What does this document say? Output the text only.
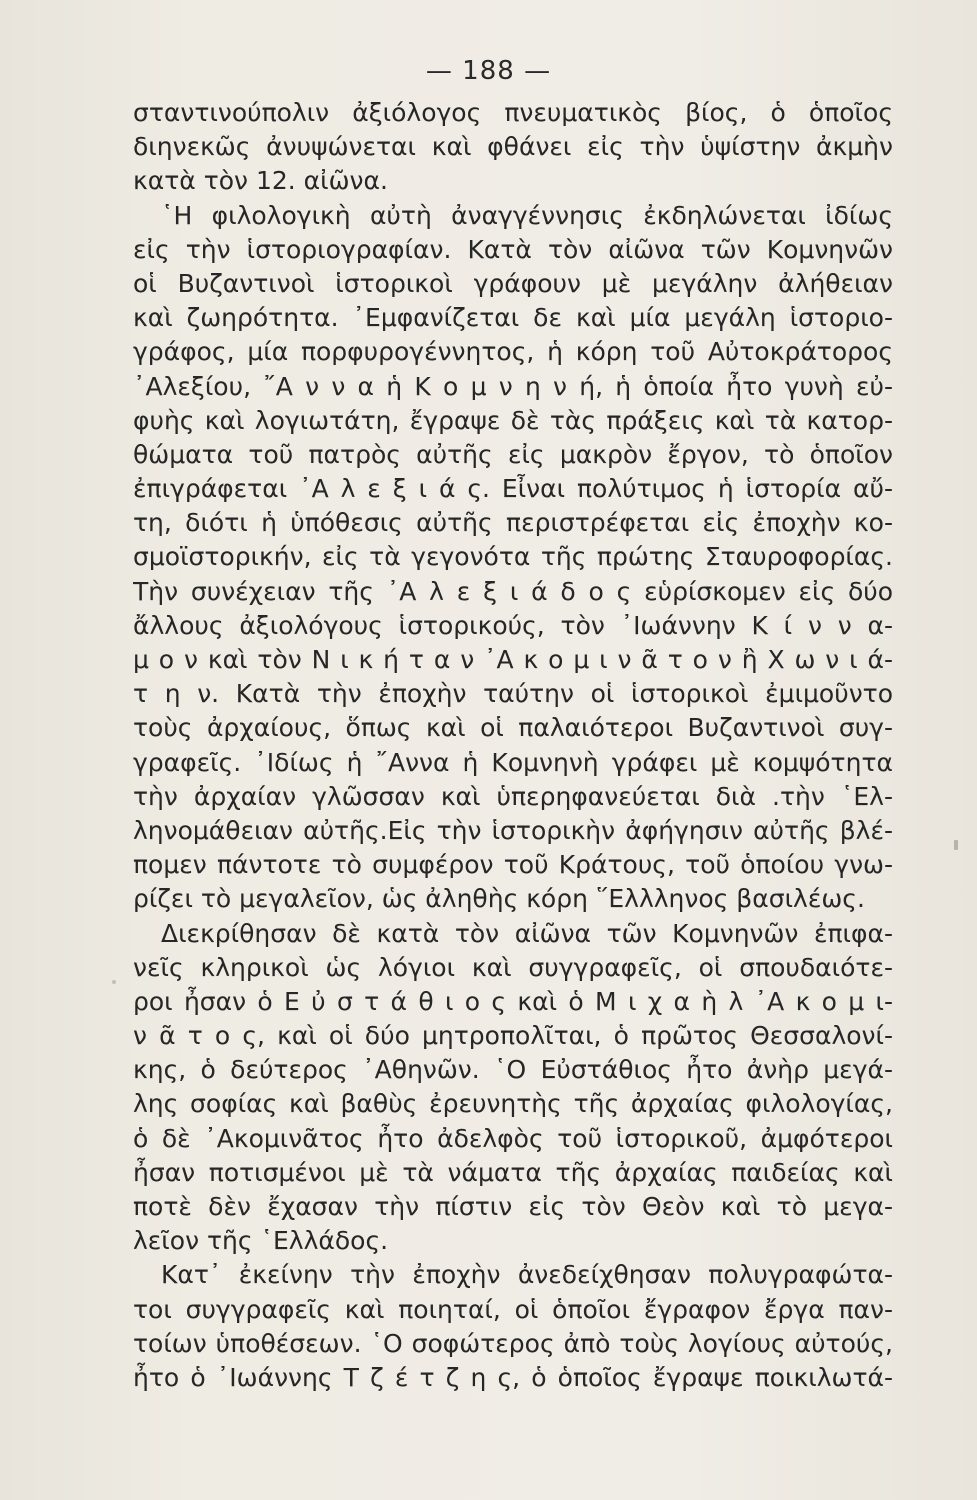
— 188 —
σταντινούπολιν ἀξιόλογος πνευματικὸς βίος, ὁ ὁποῖος
διηνεκῶς ἀνυψώνεται καὶ φθάνει εἰς τὴν ὑψίστην ἀκμὴν
κατὰ τὸν 12. αἰῶνα.
῾Η φιλολογικὴ αὐτὴ ἀναγγέννησις ἐκδηλώνεται ἰδίως
εἰς τὴν ἱστοριογραφίαν. Κατὰ τὸν αἰῶνα τῶν Κομνηνῶν
οἱ Βυζαντινοὶ ἱστορικοὶ γράφουν μὲ μεγάλην ἀλήθειαν
καὶ ζωηρότητα. ᾿Εμφανίζεται δε καὶ μία μεγάλη ἱστοριο-
γράφος, μία πορφυρογέννητος, ἡ κόρη τοῦ Αὐτοκράτορος
᾿Αλεξίου, ῎Α ν ν α ἡ Κ ο μ ν η ν ή, ἡ ὁποία ἦτο γυνὴ εὐ-
φυὴς καὶ λογιωτάτη, ἔγραψε δὲ τὰς πράξεις καὶ τὰ κατορ-
θώματα τοῦ πατρὸς αὐτῆς εἰς μακρὸν ἔργον, τὸ ὁποῖον
ἐπιγράφεται ᾿Α λ ε ξ ι ά ς. Εἶναι πολύτιμος ἡ ἱστορία αὔ-
τη, διότι ἡ ὑπόθεσις αὐτῆς περιστρέφεται εἰς ἐποχὴν κο-
σμοϊστορικήν, εἰς τὰ γεγονότα τῆς πρώτης Σταυροφορίας.
Τὴν συνέχειαν τῆς ᾿Α λ ε ξ ι ά δ ο ς εὑρίσκομεν εἰς δύο
ἄλλους ἀξιολόγους ἱστορικούς, τὸν ᾿Ιωάννην Κ ί ν ν α-
μ ο ν καὶ τὸν Ν ι κ ή τ α ν ᾿Α κ ο μ ι ν ᾶ τ ο ν ἢ Χ ω ν ι ά-
τ η ν. Κατὰ τὴν ἐποχὴν ταύτην οἱ ἱστορικοὶ ἐμιμοῦντο
τοὺς ἀρχαίους, ὅπως καὶ οἱ παλαιότεροι Βυζαντινοὶ συγ-
γραφεῖς. ᾿Ιδίως ἡ ῎Αννα ἡ Κομνηνὴ γράφει μὲ κομψότητα
τὴν ἀρχαίαν γλῶσσαν καὶ ὑπερηφανεύεται διὰ .τὴν ῾Ελ-
ληνομάθειαν αὐτῆς.Εἰς τὴν ἱστορικὴν ἀφήγησιν αὐτῆς βλέ-
πομεν πάντοτε τὸ συμφέρον τοῦ Κράτους, τοῦ ὁποίου γνω-
ρίζει τὸ μεγαλεῖον, ὡς ἀληθὴς κόρη ῞Ελλληνος βασιλέως.
Διεκρίθησαν δὲ κατὰ τὸν αἰῶνα τῶν Κομνηνῶν ἐπιφα-
νεῖς κληρικοὶ ὡς λόγιοι καὶ συγγραφεῖς, οἱ σπουδαιότε-
ροι ἦσαν ὁ Ε ὐ σ τ ά θ ι ο ς καὶ ὁ Μ ι χ α ὴ λ ᾿Α κ ο μ ι-
ν ᾶ τ ο ς, καὶ οἱ δύο μητροπολῖται, ὁ πρῶτος Θεσσαλονί-
κης, ὁ δεύτερος ᾿Αθηνῶν. ῾Ο Εὐστάθιος ἦτο ἀνὴρ μεγά-
λης σοφίας καὶ βαθὺς ἐρευνητὴς τῆς ἀρχαίας φιλολογίας,
ὁ δὲ ᾿Ακομινᾶτος ἦτο ἀδελφὸς τοῦ ἱστορικοῦ, ἀμφότεροι
ἦσαν ποτισμένοι μὲ τὰ νάματα τῆς ἀρχαίας παιδείας καὶ
ποτὲ δὲν ἔχασαν τὴν πίστιν εἰς τὸν Θεὸν καὶ τὸ μεγα-
λεῖον τῆς ῾Ελλάδος.
Κατ᾿ ἐκείνην τὴν ἐποχὴν ἀνεδείχθησαν πολυγραφώτα-
τοι συγγραφεῖς καὶ ποιηταί, οἱ ὁποῖοι ἔγραφον ἔργα παν-
τοίων ὑποθέσεων. ῾Ο σοφώτερος ἀπὸ τοὺς λογίους αὐτούς,
ἦτο ὁ ᾿Ιωάννης Τ ζ έ τ ζ η ς, ὁ ὁποῖος ἔγραψε ποικιλωτά-
